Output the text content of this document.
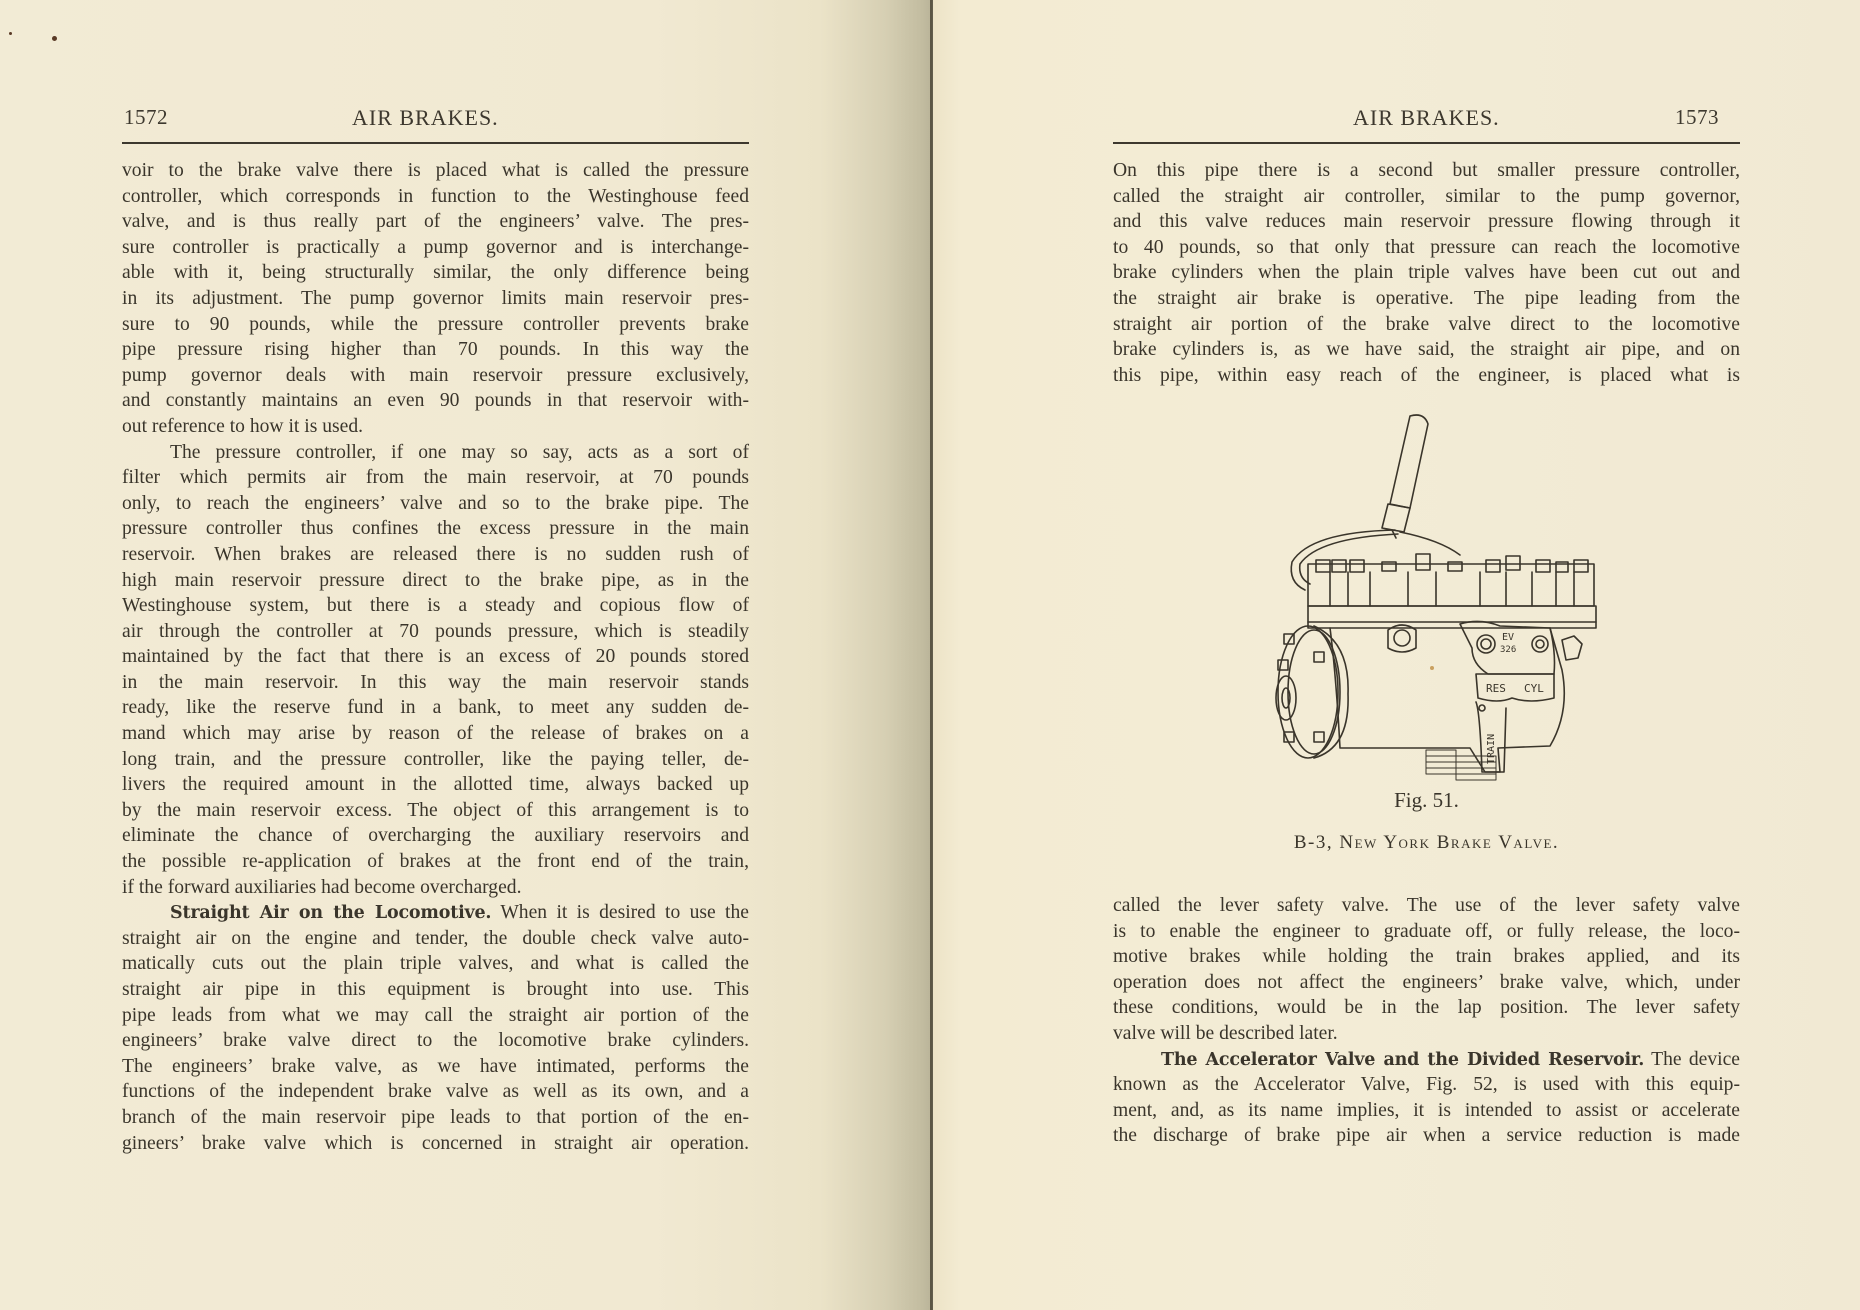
1572	AIR BRAKES.
voir to the brake valve there is placed what is called the pressure
controller, which corresponds in function to the Westinghouse feed
valve, and is thus really part of the engineers’ valve. The pres-
sure controller is practically a pump governor and is interchange-
able with it, being structurally similar, the only difference being
in its adjustment. The pump governor limits main reservoir pres-
sure to 90 pounds, while the pressure controller prevents brake
pipe pressure rising higher than 70 pounds. In this way the
pump governor deals with main reservoir pressure exclusively,
and constantly maintains an even 90 pounds in that reservoir with-
out reference to how it is used.
The pressure controller, if one may so say, acts as a sort of
filter which permits air from the main reservoir, at 70 pounds
only, to reach the engineers’ valve and so to the brake pipe. The
pressure controller thus confines the excess pressure in the main
reservoir. When brakes are released there is no sudden rush of
high main reservoir pressure direct to the brake pipe, as in the
Westinghouse system, but there is a steady and copious flow of
air through the controller at 70 pounds pressure, which is steadily
maintained by the fact that there is an excess of 20 pounds stored
in the main reservoir. In this way the main reservoir stands
ready, like the reserve fund in a bank, to meet any sudden de-
mand which may arise by reason of the release of brakes on a
long train, and the pressure controller, like the paying teller, de-
livers the required amount in the allotted time, always backed up
by the main reservoir excess. The object of this arrangement is to
eliminate the chance of overcharging the auxiliary reservoirs and
the possible re-application of brakes at the front end of the train,
if the forward auxiliaries had become overcharged.
Straight Air on the Locomotive. When it is desired to use the
straight air on the engine and tender, the double check valve auto-
matically cuts out the plain triple valves, and what is called the
straight air pipe in this equipment is brought into use. This
pipe leads from what we may call the straight air portion of the
engineers’ brake valve direct to the locomotive brake cylinders.
The engineers’ brake valve, as we have intimated, performs the
functions of the independent brake valve as well as its own, and a
branch of the main reservoir pipe leads to that portion of the en-
gineers’ brake valve which is concerned in straight air operation.
AIR BRAKES.	1573
On this pipe there is a second but smaller pressure controller,
called the straight air controller, similar to the pump governor,
and this valve reduces main reservoir pressure flowing through it
to 40 pounds, so that only that pressure can reach the locomotive
brake cylinders when the plain triple valves have been cut out and
the straight air brake is operative. The pipe leading from the
straight air portion of the brake valve direct to the locomotive
brake cylinders is, as we have said, the straight air pipe, and on
this pipe, within easy reach of the engineer, is placed what is
EV
326
RES CYL
TRAIN
Fig. 51.
B-3, New York Brake Valve.
called the lever safety valve. The use of the lever safety valve
is to enable the engineer to graduate off, or fully release, the loco-
motive brakes while holding the train brakes applied, and its
operation does not affect the engineers’ brake valve, which, under
these conditions, would be in the lap position. The lever safety
valve will be described later.
The Accelerator Valve and the Divided Reservoir. The device
known as the Accelerator Valve, Fig. 52, is used with this equip-
ment, and, as its name implies, it is intended to assist or accelerate
the discharge of brake pipe air when a service reduction is made
